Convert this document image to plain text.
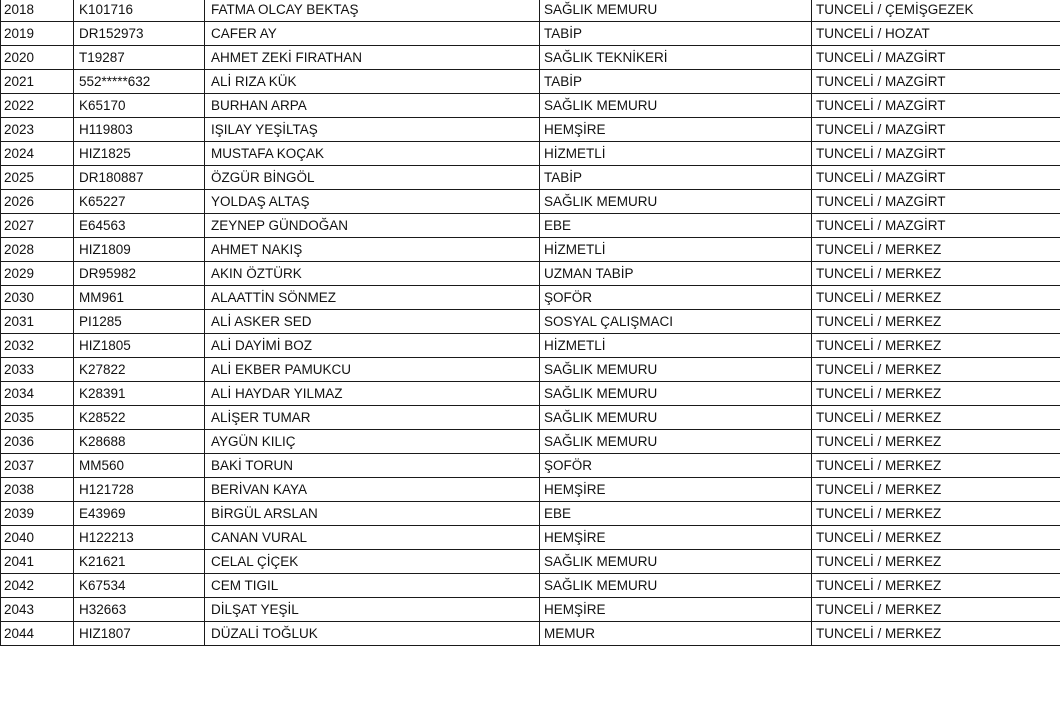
2018	K101716	FATMA OLCAY BEKTAŞ	SAĞLIK MEMURU	TUNCELİ / ÇEMİŞGEZEK
2019	DR152973	CAFER AY	TABİP	TUNCELİ / HOZAT
2020	T19287	AHMET ZEKİ FIRATHAN	SAĞLIK TEKNİKERİ	TUNCELİ / MAZGİRT
2021	552*****632	ALİ RIZA KÜK	TABİP	TUNCELİ / MAZGİRT
2022	K65170	BURHAN ARPA	SAĞLIK MEMURU	TUNCELİ / MAZGİRT
2023	H119803	IŞILAY YEŞİLTAŞ	HEMŞİRE	TUNCELİ / MAZGİRT
2024	HIZ1825	MUSTAFA KOÇAK	HİZMETLİ	TUNCELİ / MAZGİRT
2025	DR180887	ÖZGÜR BİNGÖL	TABİP	TUNCELİ / MAZGİRT
2026	K65227	YOLDAŞ ALTAŞ	SAĞLIK MEMURU	TUNCELİ / MAZGİRT
2027	E64563	ZEYNEP GÜNDOĞAN	EBE	TUNCELİ / MAZGİRT
2028	HIZ1809	AHMET NAKIŞ	HİZMETLİ	TUNCELİ / MERKEZ
2029	DR95982	AKIN ÖZTÜRK	UZMAN TABİP	TUNCELİ / MERKEZ
2030	MM961	ALAATTİN SÖNMEZ	ŞOFÖR	TUNCELİ / MERKEZ
2031	PI1285	ALİ ASKER SED	SOSYAL ÇALIŞMACI	TUNCELİ / MERKEZ
2032	HIZ1805	ALİ DAYİMİ BOZ	HİZMETLİ	TUNCELİ / MERKEZ
2033	K27822	ALİ EKBER PAMUKCU	SAĞLIK MEMURU	TUNCELİ / MERKEZ
2034	K28391	ALİ HAYDAR YILMAZ	SAĞLIK MEMURU	TUNCELİ / MERKEZ
2035	K28522	ALİŞER TUMAR	SAĞLIK MEMURU	TUNCELİ / MERKEZ
2036	K28688	AYGÜN KILIÇ	SAĞLIK MEMURU	TUNCELİ / MERKEZ
2037	MM560	BAKİ TORUN	ŞOFÖR	TUNCELİ / MERKEZ
2038	H121728	BERİVAN KAYA	HEMŞİRE	TUNCELİ / MERKEZ
2039	E43969	BİRGÜL ARSLAN	EBE	TUNCELİ / MERKEZ
2040	H122213	CANAN VURAL	HEMŞİRE	TUNCELİ / MERKEZ
2041	K21621	CELAL ÇİÇEK	SAĞLIK MEMURU	TUNCELİ / MERKEZ
2042	K67534	CEM TIGIL	SAĞLIK MEMURU	TUNCELİ / MERKEZ
2043	H32663	DİLŞAT YEŞİL	HEMŞİRE	TUNCELİ / MERKEZ
2044	HIZ1807	DÜZALİ TOĞLUK	MEMUR	TUNCELİ / MERKEZ
